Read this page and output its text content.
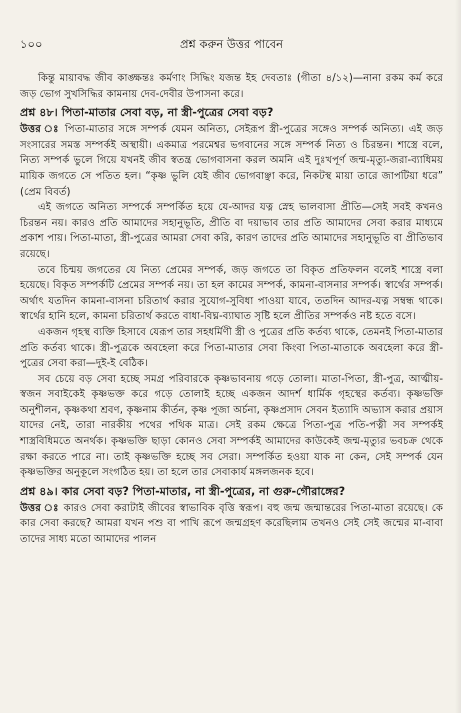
১০০	প্রশ্ন করুন উত্তর পাবেন

কিন্তু মায়াবদ্ধ জীব কাঙ্ক্ষন্তঃ কর্মণাং সিদ্ধিং যজন্ত ইহ দেবতাঃ (গীতা ৪/১২)—নানা রকম কর্ম করে জড় ভোগ সুখসিদ্ধির কামনায় দেব-দেবীর উপাসনা করে।

প্রশ্ন ৪৮। পিতা-মাতার সেবা বড়, না স্ত্রী-পুত্রের সেবা বড়?

উত্তর ঃ পিতা-মাতার সঙ্গে সম্পর্ক যেমন অনিত্য, সেইরূপ স্ত্রী-পুত্রের সঙ্গেও সম্পর্ক অনিত্য। এই জড় সংসারের সমস্ত সম্পর্কই অস্থায়ী। একমাত্র পরমেশ্বর ভগবানের সঙ্গে সম্পর্ক নিত্য ও চিরন্তন। শাস্ত্রে বলে, নিত্য সম্পর্ক ভুলে গিয়ে যখনই জীব স্বতন্ত্র ভোগবাসনা করল অমনি এই দুঃখপূর্ণ জন্ম-মৃত্যু-জরা-ব্যাধিময় মায়িক জগতে সে পতিত হল। “কৃষ্ণ ভুলি যেই জীব ভোগবাঞ্ছা করে, নিকটস্থ মায়া তারে জাপটিয়া ধরে” (প্রেম বিবর্ত)

এই জগতে অনিত্য সম্পর্কে সম্পর্কিত হয়ে যে-আদর যত্ন স্নেহ ভালবাসা প্রীতি—সেই সবই কখনও চিরন্তন নয়। কারও প্রতি আমাদের সহানুভূতি, প্রীতি বা দয়াভাব তার প্রতি আমাদের সেবা করার মাধ্যমে প্রকাশ পায়। পিতা-মাতা, স্ত্রী-পুত্রের আমরা সেবা করি, কারণ তাদের প্রতি আমাদের সহানুভূতি বা প্রীতিভাব রয়েছে।

তবে চিন্ময় জগতের যে নিত্য প্রেমের সম্পর্ক, জড় জগতে তা বিকৃত প্রতিফলন বলেই শাস্ত্রে বলা হয়েছে। বিকৃত সম্পর্কটি প্রেমের সম্পর্ক নয়। তা হল কামের সম্পর্ক, কামনা-বাসনার সম্পর্ক। স্বার্থের সম্পর্ক। অর্থাৎ যতদিন কামনা-বাসনা চরিতার্থ করার সুযোগ-সুবিধা পাওয়া যাবে, ততদিন আদর-যত্ন সম্বন্ধ থাকে। স্বার্থের হানি হলে, কামনা চরিতার্থ করতে বাধা-বিঘ্ন-ব্যাঘাত সৃষ্টি হলে প্রীতির সম্পর্কও নষ্ট হতে বসে।

একজন গৃহস্থ ব্যক্তি হিসাবে যেরূপ তার সহধর্মিণী স্ত্রী ও পুত্রের প্রতি কর্তব্য থাকে, তেমনই পিতা-মাতার প্রতি কর্তব্য থাকে। স্ত্রী-পুত্রকে অবহেলা করে পিতা-মাতার সেবা কিংবা পিতা-মাতাকে অবহেলা করে স্ত্রী-পুত্রের সেবা করা—দুই-ই বেঠিক।

সব চেয়ে বড় সেবা হচ্ছে সমগ্র পরিবারকে কৃষ্ণভাবনায় গড়ে তোলা। মাতা-পিতা, স্ত্রী-পুত্র, আত্মীয়-স্বজন সবাইকেই কৃষ্ণভক্ত করে গড়ে তোলাই হচ্ছে একজন আদর্শ ধার্মিক গৃহস্থের কর্তব্য। কৃষ্ণভক্তি অনুশীলন, কৃষ্ণকথা শ্রবণ, কৃষ্ণনাম কীর্তন, কৃষ্ণ পূজা অর্চনা, কৃষ্ণপ্রসাদ সেবন ইত্যাদি অভ্যাস করার প্রয়াস যাদের নেই, তারা নারকীয় পথের পথিক মাত্র। সেই রকম ক্ষেত্রে পিতা-পুত্র পতি-পত্নী সব সম্পর্কই শাস্ত্রবিধিমতে অনর্থক। কৃষ্ণভক্তি ছাড়া কোনও সেবা সম্পর্কই আমাদের কাউকেই জন্ম-মৃত্যুর ভবচক্র থেকে রক্ষা করতে পারে না। তাই কৃষ্ণভক্তি হচ্ছে সব সেরা। সম্পর্কিত হওয়া যাক না কেন, সেই সম্পর্ক যেন কৃষ্ণভক্তির অনুকূলে সংগঠিত হয়। তা হলে তার সেবাকার্য মঙ্গলজনক হবে।

প্রশ্ন ৪৯। কার সেবা বড়? পিতা-মাতার, না স্ত্রী-পুত্রের, না গুরু-গৌরাঙ্গের?

উত্তর ঃ কারও সেবা করাটাই জীবের স্বাভাবিক বৃত্তি স্বরূপ। বহু জন্ম জন্মান্তরের পিতা-মাতা রয়েছে। কে কার সেবা করছে? আমরা যখন পশু বা পাখি রূপে জন্মগ্রহণ করেছিলাম তখনও সেই সেই জন্মের মা-বাবা তাদের সাধ্য মতো আমাদের পালন
